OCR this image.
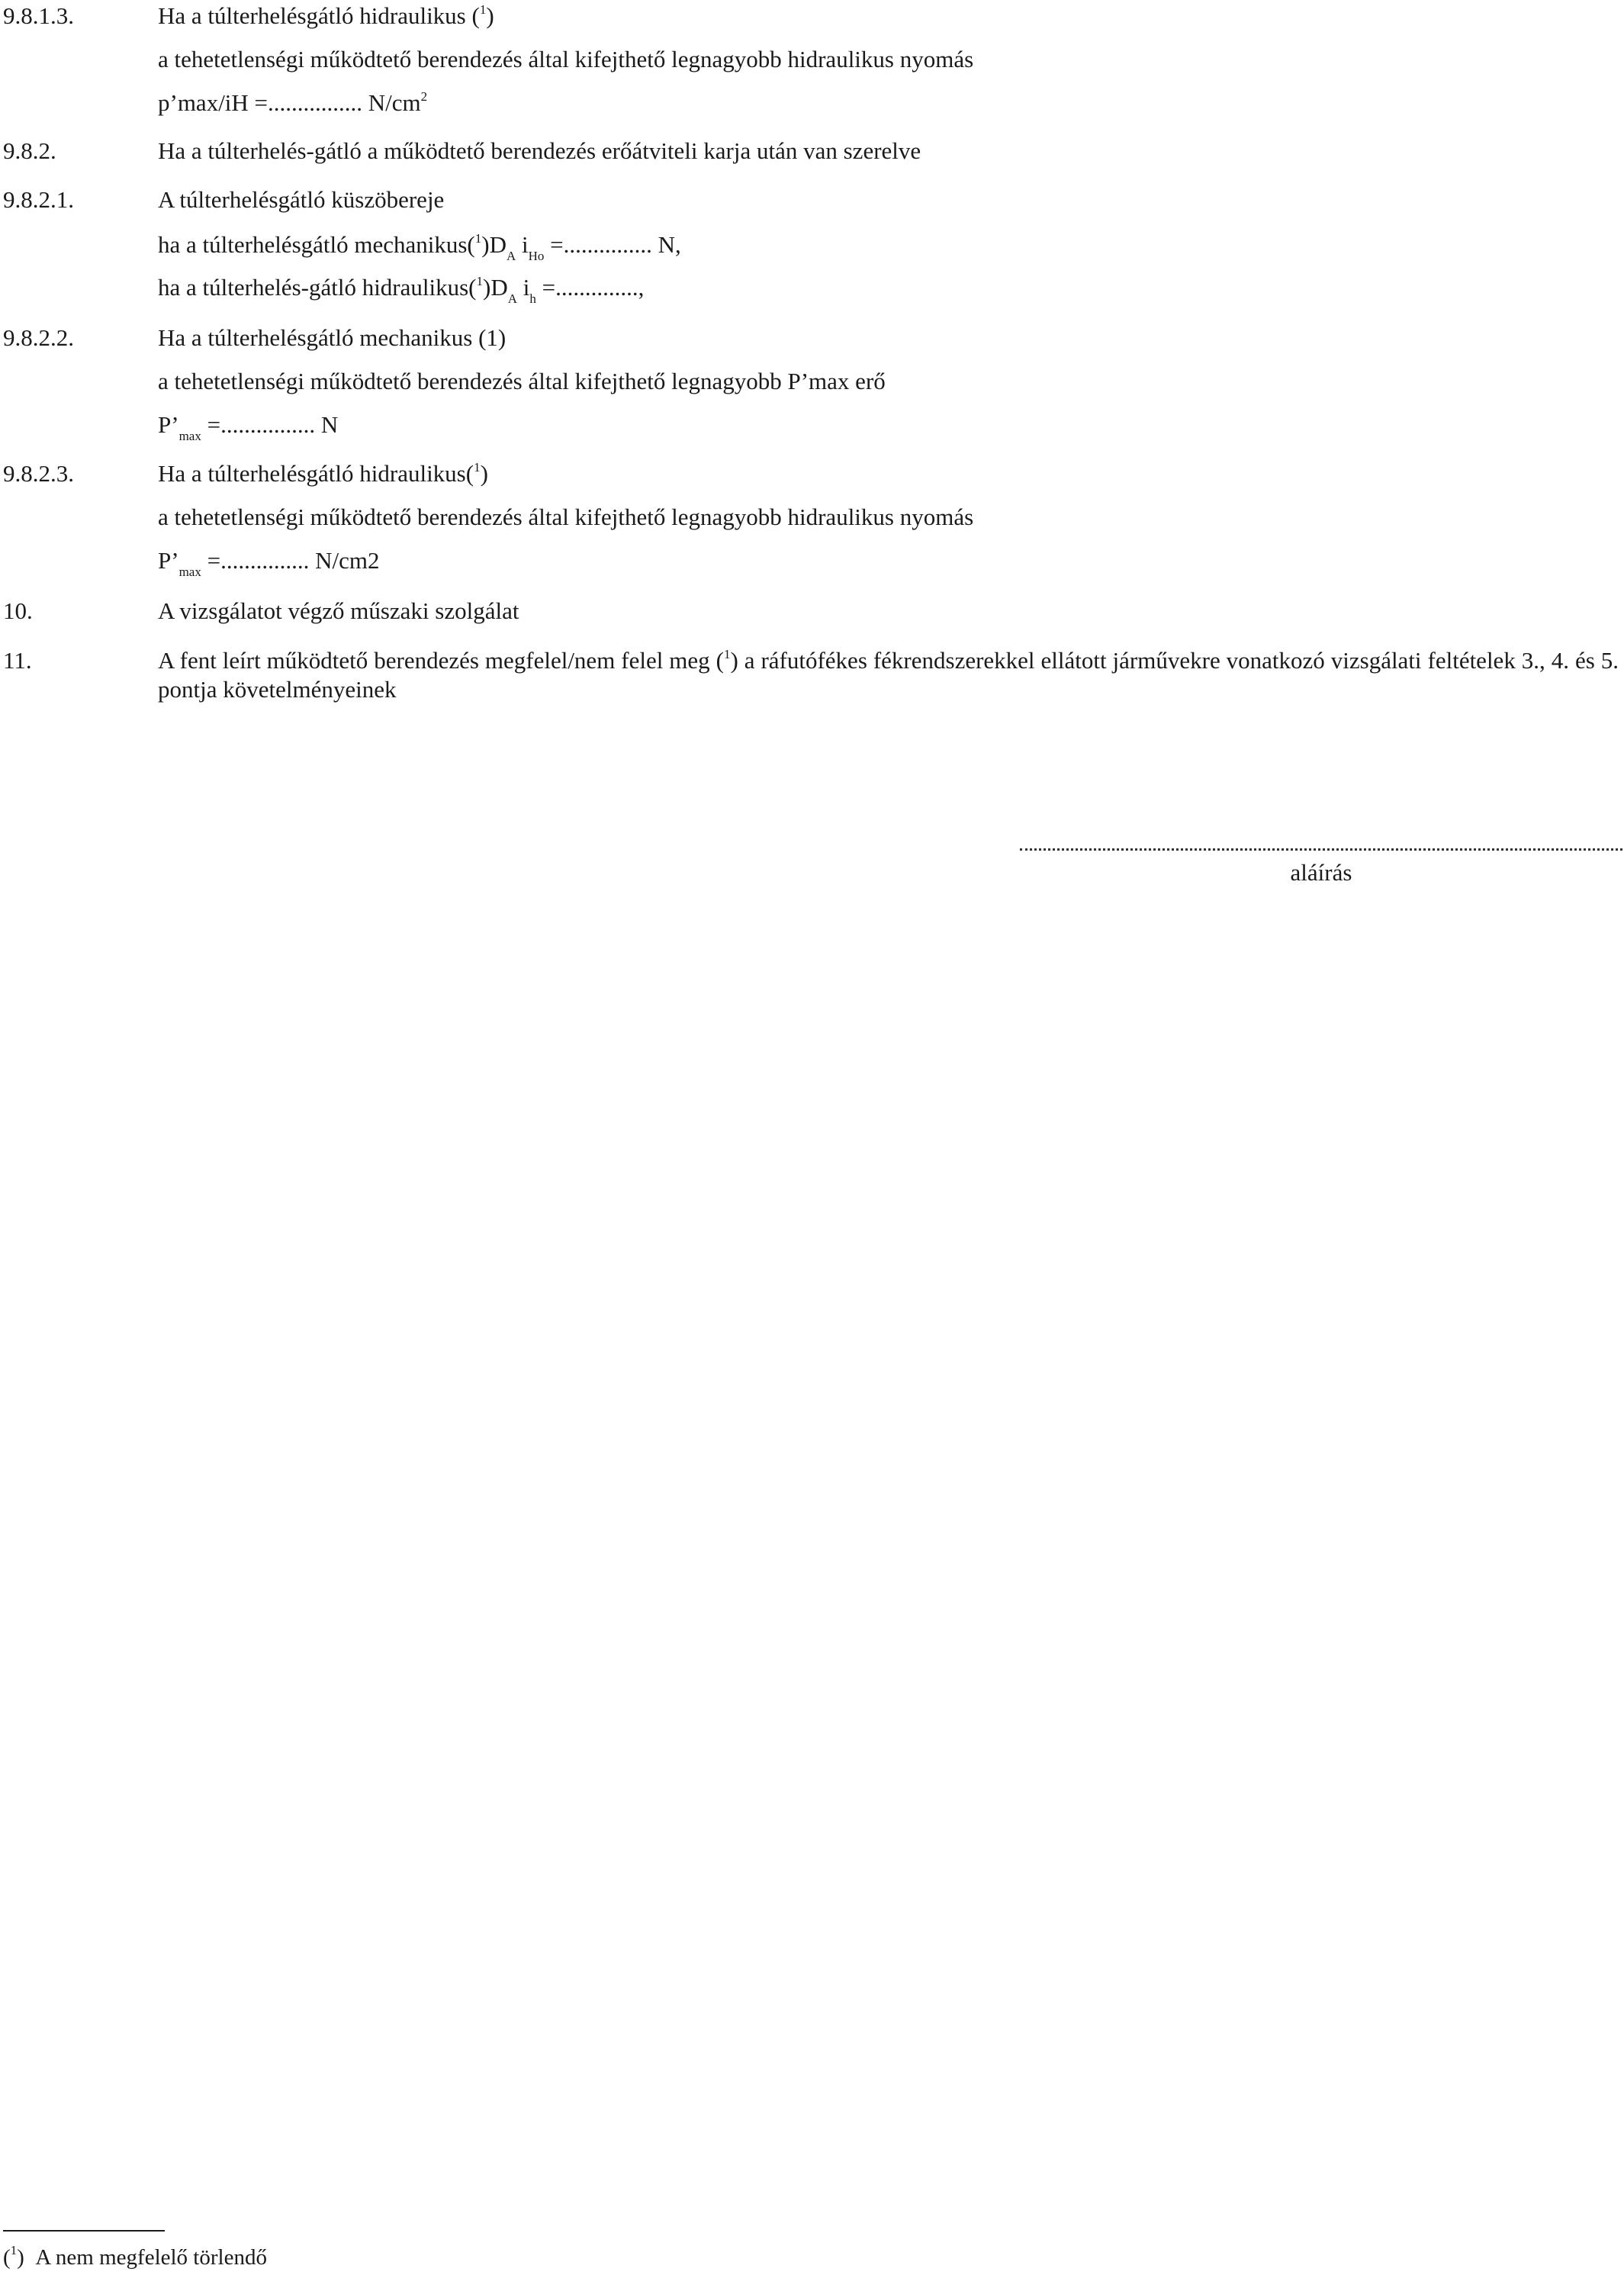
9.8.1.3.	Ha a túlterhelésgátló hidraulikus ($^1$)
a tehetetlenségi működtető berendezés által kifejthető legnagyobb hidraulikus nyomás
p’max/iH =................ $N/cm^2$
9.8.2.	Ha a túlterhelés-gátló a működtető berendezés erőátviteli karja után van szerelve
9.8.2.1.	A túlterhelésgátló küszöbereje
ha a túlterhelésgátló $mechanikus(^1)D_A$ $i_{Ho}$ =............... N,
ha a túlterhelés-gátló $hidraulikus(^1)D_A$ $i_h$ =..............,
9.8.2.2.	Ha a túlterhelésgátló mechanikus (1)
a tehetetlenségi működtető berendezés által kifejthető legnagyobb P’max erő
$P’_{max}$ =................ N
9.8.2.3.	Ha a túlterhelésgátló hidraulikus($^1$)
a tehetetlenségi működtető berendezés által kifejthető legnagyobb hidraulikus nyomás
$P’_{max}$ =............... N/cm2
10.	A vizsgálatot végző műszaki szolgálat
11.	A fent leírt működtető berendezés megfelel/nem felel meg ($^1$) a ráfutófékes fékrendszerekkel ellátott járművekre vonatkozó vizsgálati feltételek 3., 4. és 5. pontja követelményeinek
aláírás
($^1$) A nem megfelelő törlendő
